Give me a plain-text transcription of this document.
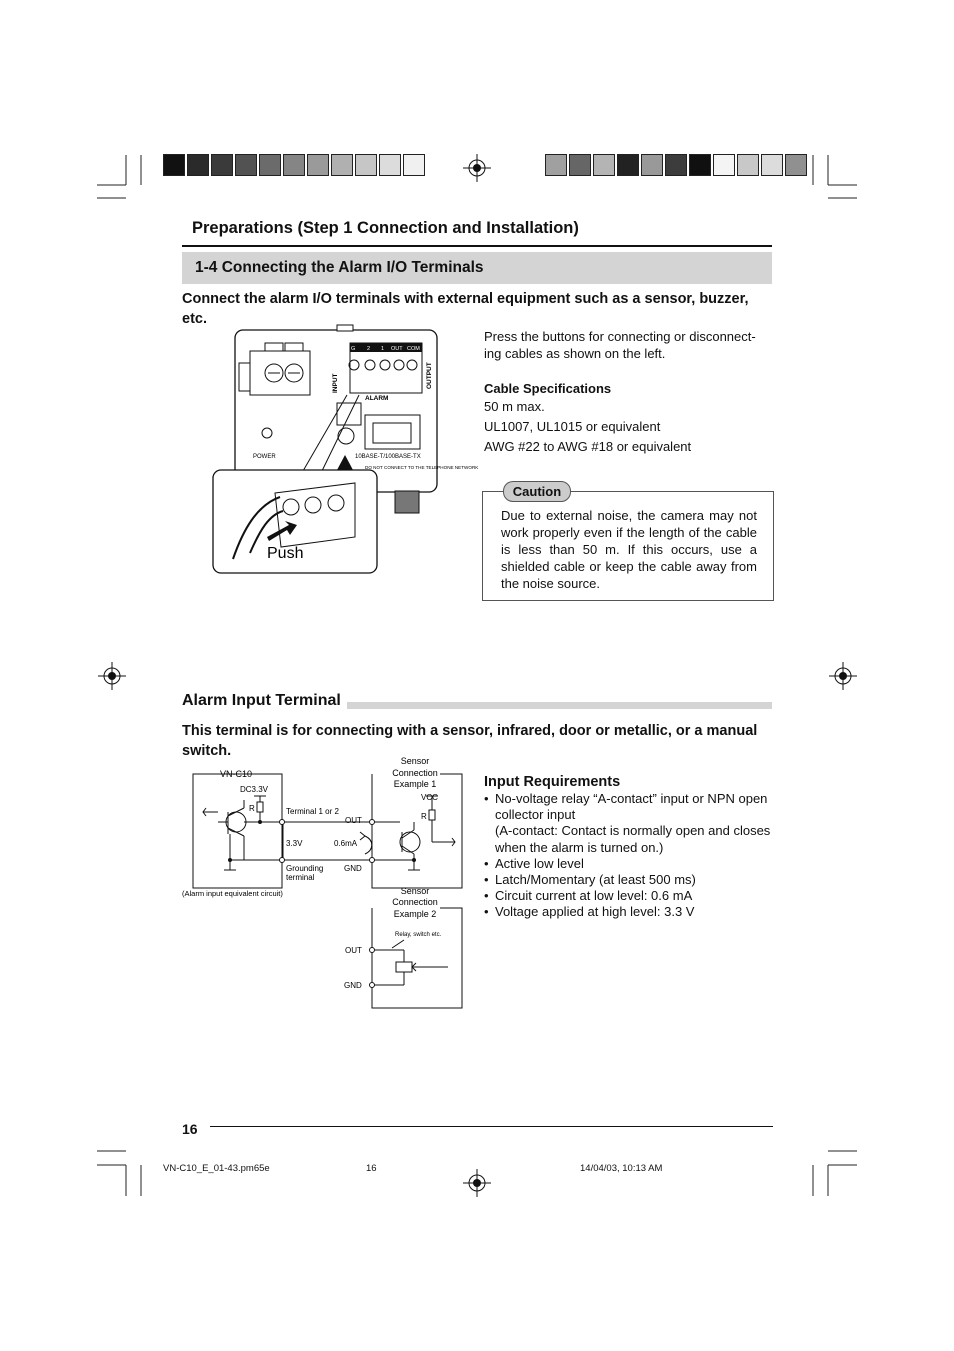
Preparations (Step 1 Connection and Installation)
1-4 Connecting the Alarm I/O Terminals
Connect the alarm I/O terminals with external equipment such as a sensor, buzzer, etc.
POWER
ALARM
10BASE-T/100BASE-TX
DO NOT CONNECT TO THE TELEPHONE NETWORK
Push
INPUT	OUTPUT
G 2 1 OUT COM
Press the buttons for connecting or disconnect-
ing cables as shown on the left.
Cable Specifications
50 m max.
UL1007, UL1015 or equivalent
AWG #22 to AWG #18 or equivalent
Caution
Due to external noise, the camera may not work properly even if the length of the cable is less than 50 m. If this occurs, use a shielded cable or keep the cable away from the noise source.
Alarm Input Terminal
This terminal is for connecting with a sensor, infrared, door or metallic, or a manual switch.
VN-C10
DC3.3V
R	Terminal 1 or 2
OUT
3.3V	0.6mA
GND
Grounding
terminal
(Alarm input equivalent circuit)
Sensor
Connection
Example 1
VCC
R
Sensor
Connection
Example 2
Relay, switch etc.
OUT
GND
Input Requirements
• No-voltage relay “A-contact” input or NPN open collector input
(A-contact: Contact is normally open and closes when the alarm is turned on.)
• Active low level
• Latch/Momentary (at least 500 ms)
• Circuit current at low level: 0.6 mA
• Voltage applied at high level: 3.3 V
16
VN-C10_E_01-43.pm65e	16	14/04/03, 10:13 AM
